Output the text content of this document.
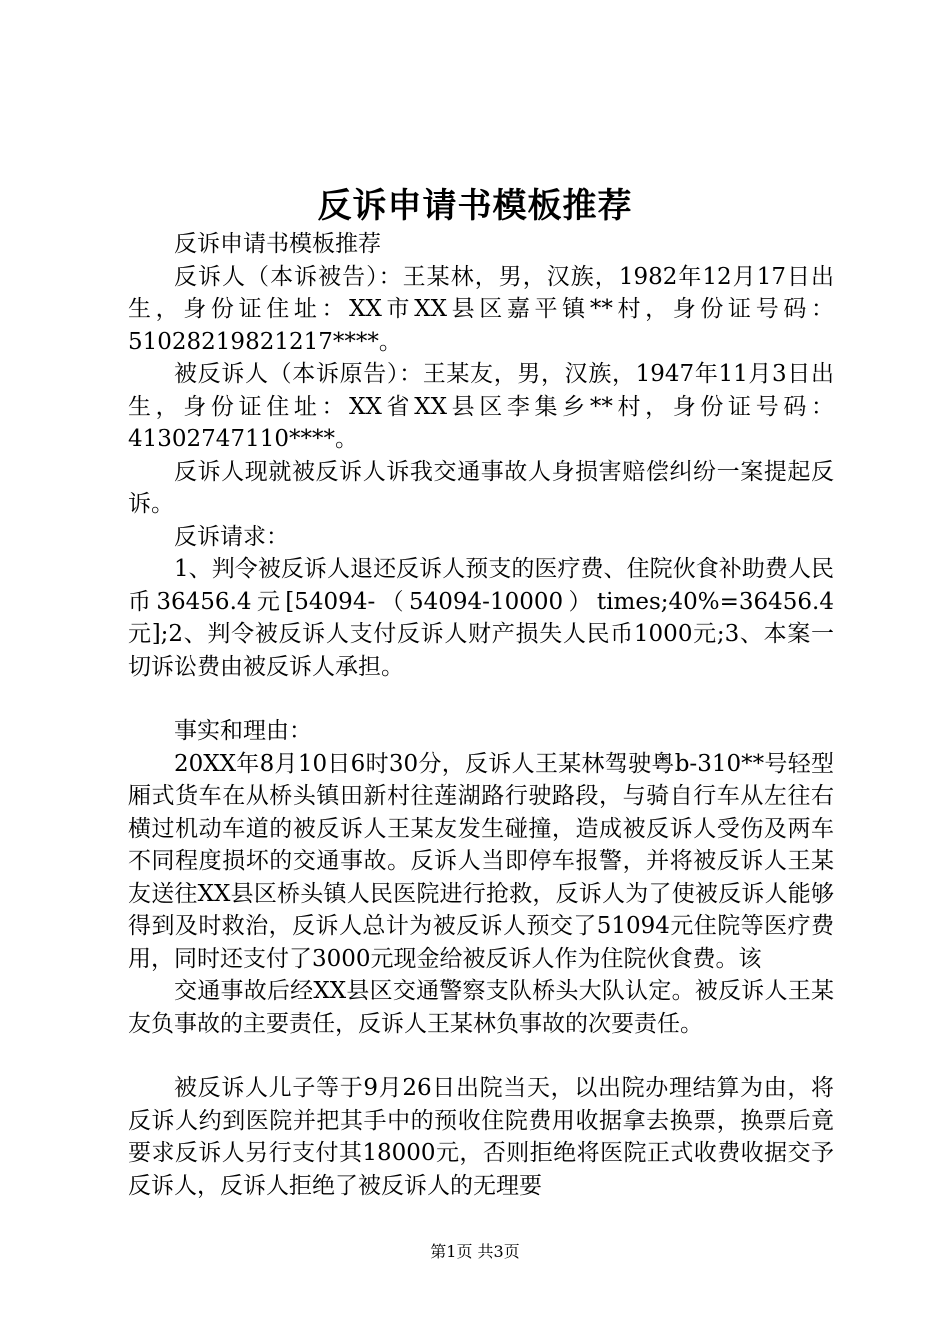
反诉申请书模板推荐

反诉申请书模板推荐

反诉人（本诉被告）：王某林，男，汉族，1982年12月17日出生，身份证住址：XX市XX县区嘉平镇**村，身份证号码：51028219821217****。

被反诉人（本诉原告）：王某友，男，汉族，1947年11月3日出生，身份证住址：XX省XX县区李集乡**村，身份证号码：41302747110****。

反诉人现就被反诉人诉我交通事故人身损害赔偿纠纷一案提起反诉。

反诉请求：

1、判令被反诉人退还反诉人预支的医疗费、住院伙食补助费人民币36456.4元[54094-（54094-10000）times;40%=36456.4元];2、判令被反诉人支付反诉人财产损失人民币1000元;3、本案一切诉讼费由被反诉人承担。

事实和理由：

20XX年8月10日6时30分，反诉人王某林驾驶粤b-310**号轻型厢式货车在从桥头镇田新村往莲湖路行驶路段，与骑自行车从左往右横过机动车道的被反诉人王某友发生碰撞，造成被反诉人受伤及两车不同程度损坏的交通事故。反诉人当即停车报警，并将被反诉人王某友送往XX县区桥头镇人民医院进行抢救，反诉人为了使被反诉人能够得到及时救治，反诉人总计为被反诉人预交了51094元住院等医疗费用，同时还支付了3000元现金给被反诉人作为住院伙食费。该

交通事故后经XX县区交通警察支队桥头大队认定。被反诉人王某友负事故的主要责任，反诉人王某林负事故的次要责任。

被反诉人儿子等于9月26日出院当天，以出院办理结算为由，将反诉人约到医院并把其手中的预收住院费用收据拿去换票，换票后竟要求反诉人另行支付其18000元，否则拒绝将医院正式收费收据交予反诉人，反诉人拒绝了被反诉人的无理要

第1页 共3页
